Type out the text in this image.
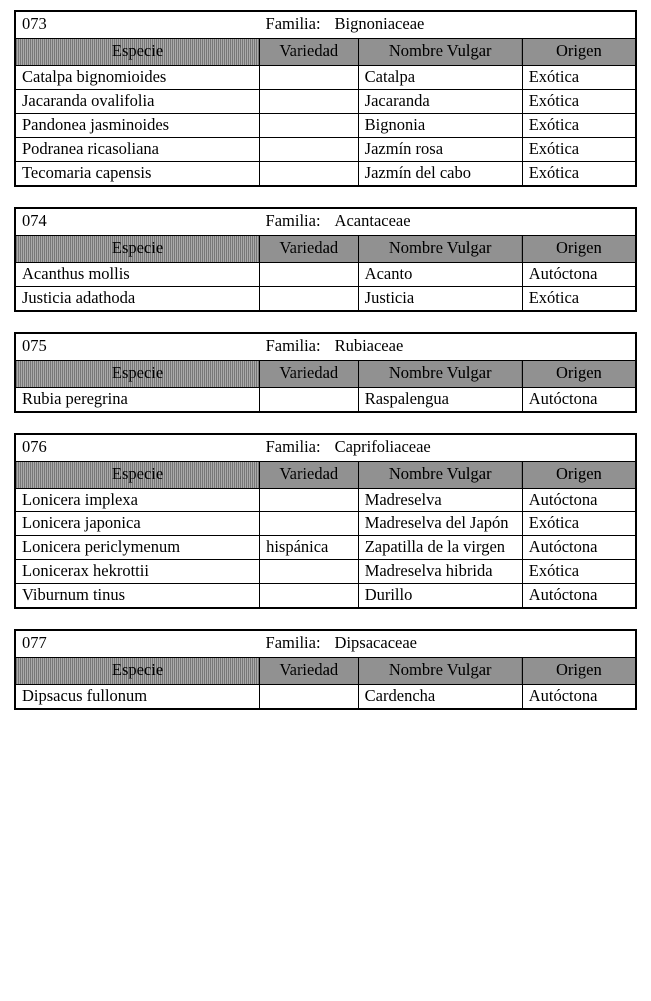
073	Familia: Bignoniaceae		
Especie	Variedad	Nombre Vulgar	Origen
Catalpa bignomioides		Catalpa	Exótica
Jacaranda ovalifolia		Jacaranda	Exótica
Pandonea jasminoides		Bignonia	Exótica
Podranea ricasoliana		Jazmín rosa	Exótica
Tecomaria capensis		Jazmín del cabo	Exótica
074	Familia: Acantaceae		
Especie	Variedad	Nombre Vulgar	Origen
Acanthus mollis		Acanto	Autóctona
Justicia adathoda		Justicia	Exótica
075	Familia: Rubiaceae		
Especie	Variedad	Nombre Vulgar	Origen
Rubia peregrina		Raspalengua	Autóctona
076	Familia: Caprifoliaceae		
Especie	Variedad	Nombre Vulgar	Origen
Lonicera implexa		Madreselva	Autóctona
Lonicera japonica		Madreselva del Japón	Exótica
Lonicera periclymenum	hispánica	Zapatilla de la virgen	Autóctona
Lonicerax hekrottii		Madreselva hibrida	Exótica
Viburnum tinus		Durillo	Autóctona
077	Familia: Dipsacaceae		
Especie	Variedad	Nombre Vulgar	Origen
Dipsacus fullonum		Cardencha	Autóctona
